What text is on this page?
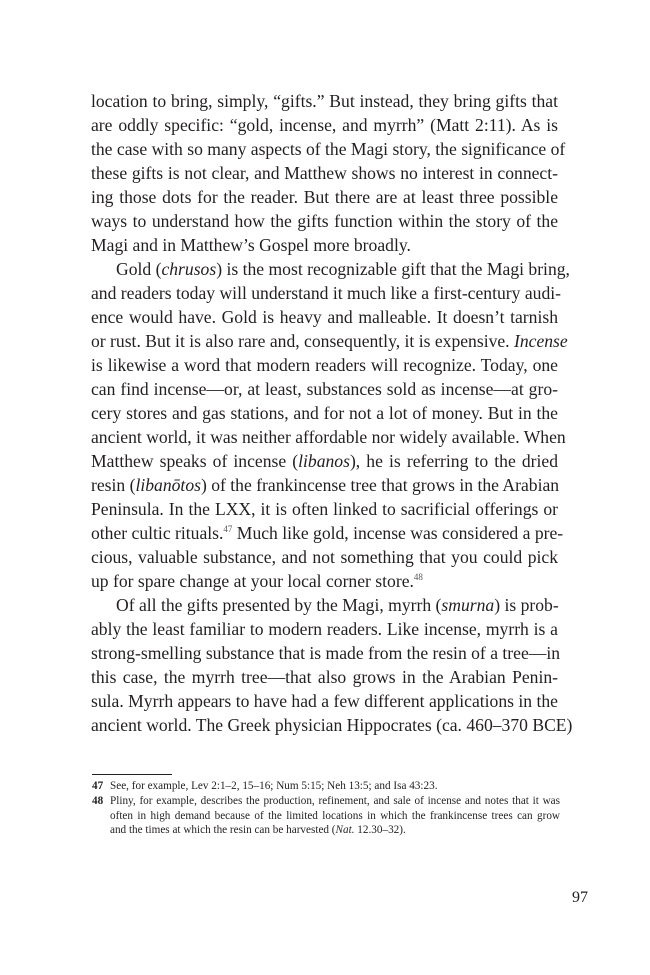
location to bring, simply, “gifts.” But instead, they bring gifts that
are oddly specific: “gold, incense, and myrrh” (Matt 2:11). As is
the case with so many aspects of the Magi story, the significance of
these gifts is not clear, and Matthew shows no interest in connect-
ing those dots for the reader. But there are at least three possible
ways to understand how the gifts function within the story of the
Magi and in Matthew’s Gospel more broadly.
Gold (chrusos) is the most recognizable gift that the Magi bring,
and readers today will understand it much like a first-century audi-
ence would have. Gold is heavy and malleable. It doesn’t tarnish
or rust. But it is also rare and, consequently, it is expensive. Incense
is likewise a word that modern readers will recognize. Today, one
can find incense—or, at least, substances sold as incense—at gro-
cery stores and gas stations, and for not a lot of money. But in the
ancient world, it was neither affordable nor widely available. When
Matthew speaks of incense (libanos), he is referring to the dried
resin (libanōtos) of the frankincense tree that grows in the Arabian
Peninsula. In the LXX, it is often linked to sacrificial offerings or
other cultic rituals.$^{47}$ Much like gold, incense was considered a pre-
cious, valuable substance, and not something that you could pick
up for spare change at your local corner store.$^{48}$
Of all the gifts presented by the Magi, myrrh (smurna) is prob-
ably the least familiar to modern readers. Like incense, myrrh is a
strong-smelling substance that is made from the resin of a tree—in
this case, the myrrh tree—that also grows in the Arabian Penin-
sula. Myrrh appears to have had a few different applications in the
ancient world. The Greek physician Hippocrates (ca. 460–370 BCE)
47 See, for example, Lev 2:1–2, 15–16; Num 5:15; Neh 13:5; and Isa 43:23.
48 Pliny, for example, describes the production, refinement, and sale of incense and notes that it was
often in high demand because of the limited locations in which the frankincense trees can grow
and the times at which the resin can be harvested (Nat. 12.30–32).
97
